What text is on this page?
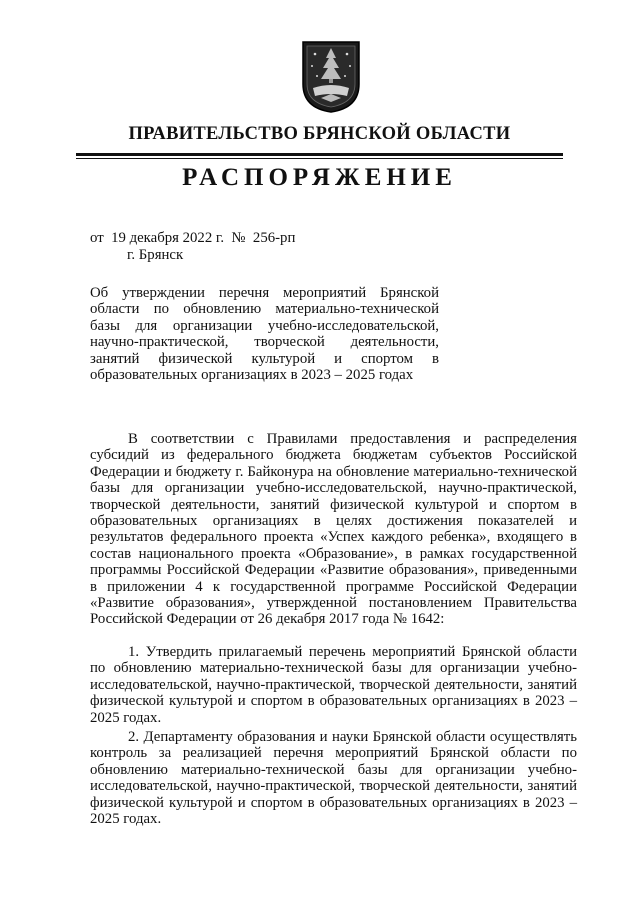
ПРАВИТЕЛЬСТВО БРЯНСКОЙ ОБЛАСТИ
РАСПОРЯЖЕНИЕ
от  19 декабря 2022 г.  №  256-рп
г. Брянск

Об утверждении перечня мероприятий Брянской области по обновлению материально-технической базы для организации учебно-исследовательской, научно-практической, творческой деятельности, занятий физической культурой и спортом в образовательных организациях в 2023 – 2025 годах

В соответствии с Правилами предоставления и распределения субсидий из федерального бюджета бюджетам субъектов Российской Федерации и бюджету г. Байконура на обновление материально-технической базы для организации учебно-исследовательской, научно-практической, творческой деятельности, занятий физической культурой и спортом в образовательных организациях в целях достижения показателей и результатов федерального проекта «Успех каждого ребенка», входящего в состав национального проекта «Образование», в рамках государственной программы Российской Федерации «Развитие образования», приведенными в приложении 4 к государственной программе Российской Федерации «Развитие образования», утвержденной постановлением Правительства Российской Федерации от 26 декабря 2017 года № 1642:

1. Утвердить прилагаемый перечень мероприятий Брянской области по обновлению материально-технической базы для организации учебно-исследовательской, научно-практической, творческой деятельности, занятий физической культурой и спортом в образовательных организациях в 2023 – 2025 годах.

2. Департаменту образования и науки Брянской области осуществлять контроль за реализацией перечня мероприятий Брянской области по обновлению материально-технической базы для организации учебно-исследовательской, научно-практической, творческой деятельности, занятий физической культурой и спортом в образовательных организациях в 2023 – 2025 годах.
